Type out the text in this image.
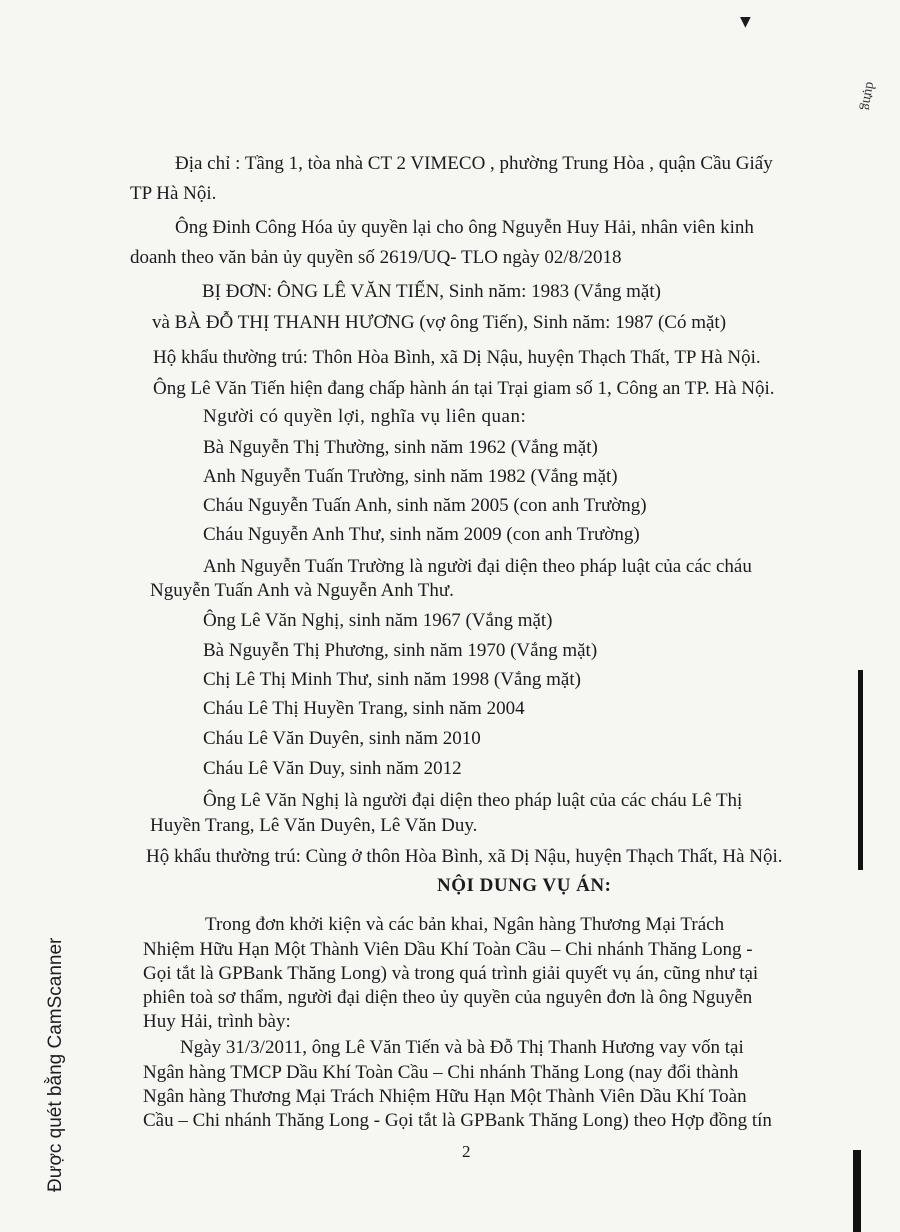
▼
dựng
Địa chỉ : Tầng 1, tòa nhà CT 2 VIMECO , phường Trung Hòa , quận Cầu Giấy
TP Hà Nội.
Ông Đinh Công Hóa ủy quyền lại cho ông Nguyễn Huy Hải, nhân viên kinh
doanh theo văn bản ủy quyền số 2619/UQ- TLO ngày 02/8/2018
BỊ ĐƠN: ÔNG LÊ VĂN TIẾN, Sinh năm: 1983 (Vắng mặt)
và BÀ ĐỖ THỊ THANH HƯƠNG (vợ ông Tiến), Sinh năm: 1987 (Có mặt)
Hộ khẩu thường trú: Thôn Hòa Bình, xã Dị Nậu, huyện Thạch Thất, TP Hà Nội.
Ông Lê Văn Tiến hiện đang chấp hành án tại Trại giam số 1, Công an TP. Hà Nội.
Người có quyền lợi, nghĩa vụ liên quan:
Bà Nguyễn Thị Thường, sinh năm 1962 (Vắng mặt)
Anh Nguyễn Tuấn Trường, sinh năm 1982 (Vắng mặt)
Cháu Nguyễn Tuấn Anh, sinh năm 2005 (con anh Trường)
Cháu Nguyễn Anh Thư, sinh năm 2009 (con anh Trường)
Anh Nguyễn Tuấn Trường là người đại diện theo pháp luật của các cháu
Nguyễn Tuấn Anh và Nguyễn Anh Thư.
Ông Lê Văn Nghị, sinh năm 1967 (Vắng mặt)
Bà Nguyễn Thị Phương, sinh năm 1970 (Vắng mặt)
Chị Lê Thị Minh Thư, sinh năm 1998 (Vắng mặt)
Cháu Lê Thị Huyền Trang, sinh năm 2004
Cháu Lê Văn Duyên, sinh năm 2010
Cháu Lê Văn Duy, sinh năm 2012
Ông Lê Văn Nghị là người đại diện theo pháp luật của các cháu Lê Thị
Huyền Trang, Lê Văn Duyên, Lê Văn Duy.
Hộ khẩu thường trú: Cùng ở thôn Hòa Bình, xã Dị Nậu, huyện Thạch Thất, Hà Nội.
NỘI DUNG VỤ ÁN:
Trong đơn khởi kiện và các bản khai, Ngân hàng Thương Mại Trách
Nhiệm Hữu Hạn Một Thành Viên Dầu Khí Toàn Cầu – Chi nhánh Thăng Long -
Gọi tắt là GPBank Thăng Long) và trong quá trình giải quyết vụ án, cũng như tại
phiên toà sơ thẩm, người đại diện theo ủy quyền của nguyên đơn là ông Nguyễn
Huy Hải, trình bày:
Ngày 31/3/2011, ông Lê Văn Tiến và bà Đỗ Thị Thanh Hương vay vốn tại
Ngân hàng TMCP Dầu Khí Toàn Cầu – Chi nhánh Thăng Long (nay đổi thành
Ngân hàng Thương Mại Trách Nhiệm Hữu Hạn Một Thành Viên Dầu Khí Toàn
Cầu – Chi nhánh Thăng Long - Gọi tắt là GPBank Thăng Long) theo Hợp đồng tín
2
Được quét bằng CamScanner
